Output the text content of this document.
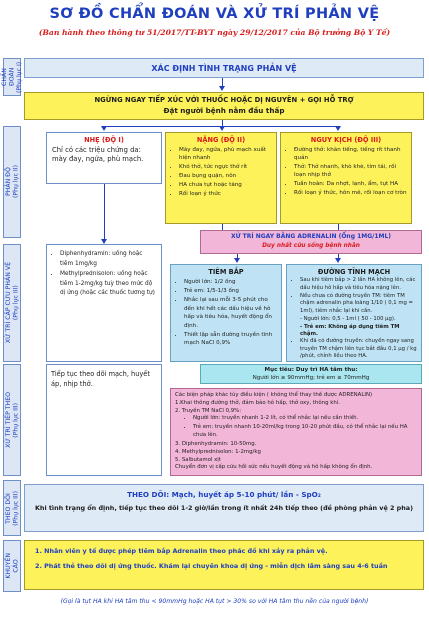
SƠ ĐỒ CHẨN ĐOÁN VÀ XỬ TRÍ PHẢN VỆ
(Ban hành theo thông tư 51/2017/TT-BYT ngày 29/12/2017 của Bộ trưởng Bộ Y Tế)
CHẨN ĐOÁN
(Phụ lục I)
PHÂN ĐỘ
(Phụ lục II)
XỬ TRÍ CẤP CỨU PHẢN VỆ
(Phụ lục III)
XỬ TRÍ TIẾP THEO
(Phụ lục III)
THEO DÕI
(Phụ lục III)
KHUYẾN
CÁO
XÁC ĐỊNH TÌNH TRẠNG PHẢN VỆ
NGỪNG NGAY TIẾP XÚC VỚI THUỐC HOẶC DỊ NGUYÊN + GỌI HỖ TRỢ
Đặt người bệnh nằm đầu thấp
NHẸ (ĐỘ I)
Chỉ có các triệu chứng da: mày đay, ngứa, phù mạch.
NẶNG (ĐỘ II)
• Mày đay, ngứa, phù mạch xuất hiện nhanh
• Khó thở, tức ngực thở rít
• Đau bụng quặn, nôn
• HA chưa tụt hoặc tăng
• Rối loạn ý thức
NGUY KỊCH (ĐỘ III)
• Đường thở: khàn tiếng, tiếng rít thanh quản
• Thở: Thở nhanh, khò khè, tím tái, rối loạn nhịp thở
• Tuần hoàn: Da nhợt, lạnh, ẩm, tụt HA
• Rối loạn ý thức, hôn mê, rối loạn cơ tròn
XỬ TRÍ NGAY BẰNG ADRENALIN (Ống 1MG/1ML)
Duy nhất cứu sống bệnh nhân
• Diphenhydramin: uống hoặc tiêm 1mg/kg
• Methylprednisolon: uống hoặc tiêm 1-2mg/kg tuỳ theo mức độ dị ứng (hoặc các thuốc tương tự)
TIÊM BẮP
• Người lớn: 1/2 ống
• Trẻ em: 1/5-1/3 ống
• Nhắc lại sau mỗi 3-5 phút cho đến khi hết các dấu hiệu về hô hấp và tiêu hóa, huyết động ổn định.
• Thiết lập sẵn đường truyền tĩnh mạch NaCl 0,9%
ĐƯỜNG TĨNH MẠCH
• Sau khi tiêm bắp > 2 lần HA không lên, các dấu hiệu hô hấp và tiêu hóa nặng lên.
• Nếu chưa có đường truyền TM: tiêm TM chậm adrenalin pha loãng 1/10 ( 0,1 mg = 1ml), tiêm nhắc lại khi cần.
- Người lớn: 0,5 - 1ml ( 50 - 100 µg).
- Trẻ em: Không áp dụng tiêm TM chậm.
• Khi đã có đường truyền: chuyền ngay sang truyền TM chậm liên tục bắt đầu 0,1 µg / kg /phút, chỉnh liều theo HA.
Mục tiêu: Duy trì HA tâm thu:
Người lớn ≥ 90mmHg; trẻ em ≥ 70mmHg
Tiếp tục theo dõi mạch, huyết áp, nhịp thở.
Các biện pháp khác tùy điều kiện ( không thể thay thế được ADRENALIN)
1.Khai thông đường thở, đảm bảo hô hấp, thở oxy, thông khí.
2. Truyền TM NaCl 0,9%:
• Người lớn: truyền nhanh 1-2 lít, có thể nhắc lại nếu cần thiết.
• Trẻ em: truyền nhanh 10-20ml/kg trong 10-20 phút đầu, có thể nhắc lại nếu HA chưa lên.
3. Diphenhydramin: 10-50mg.
4. Methylprednisolon: 1-2mg/kg
5. Salbutamol xịt
Chuyển đơn vị cấp cứu hồi sức nếu huyết động và hô hấp không ổn định.
THEO DÕI: Mạch, huyết áp 5-10 phút/ lần - SpO₂
Khi tình trạng ổn định, tiếp tục theo dõi 1-2 giờ/lần trong ít nhất 24h tiếp theo (đề phòng phản vệ 2 pha)
1. Nhân viên y tế được phép tiêm bắp Adrenalin theo phác đồ khi xảy ra phản vệ.
2. Phát thẻ theo dõi dị ứng thuốc. Khám lại chuyên khoa dị ứng - miễn dịch lâm sàng sau 4-6 tuần
(Gọi là tụt HA khi HA tâm thu < 90mmHg hoặc HA tụt > 30% so với HA tâm thu nền của người bệnh)
